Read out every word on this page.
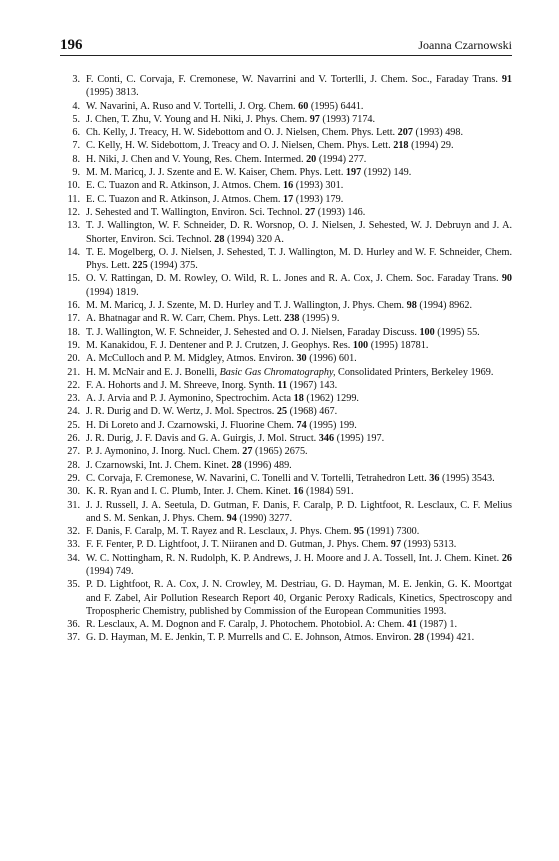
196	Joanna Czarnowski
3. F. Conti, C. Corvaja, F. Cremonese, W. Navarrini and V. Torterlli, J. Chem. Soc., Faraday Trans. 91 (1995) 3813.
4. W. Navarini, A. Ruso and V. Tortelli, J. Org. Chem. 60 (1995) 6441.
5. J. Chen, T. Zhu, V. Young and H. Niki, J. Phys. Chem. 97 (1993) 7174.
6. Ch. Kelly, J. Treacy, H. W. Sidebottom and O. J. Nielsen, Chem. Phys. Lett. 207 (1993) 498.
7. C. Kelly, H. W. Sidebottom, J. Treacy and O. J. Nielsen, Chem. Phys. Lett. 218 (1994) 29.
8. H. Niki, J. Chen and V. Young, Res. Chem. Intermed. 20 (1994) 277.
9. M. M. Maricq, J. J. Szente and E. W. Kaiser, Chem. Phys. Lett. 197 (1992) 149.
10. E. C. Tuazon and R. Atkinson, J. Atmos. Chem. 16 (1993) 301.
11. E. C. Tuazon and R. Atkinson, J. Atmos. Chem. 17 (1993) 179.
12. J. Sehested and T. Wallington, Environ. Sci. Technol. 27 (1993) 146.
13. T. J. Wallington, W. F. Schneider, D. R. Worsnop, O. J. Nielsen, J. Sehested, W. J. Debruyn and J. A. Shorter, Environ. Sci. Technol. 28 (1994) 320 A.
14. T. E. Mogelberg, O. J. Nielsen, J. Sehested, T. J. Wallington, M. D. Hurley and W. F. Schneider, Chem. Phys. Lett. 225 (1994) 375.
15. O. V. Rattingan, D. M. Rowley, O. Wild, R. L. Jones and R. A. Cox, J. Chem. Soc. Faraday Trans. 90 (1994) 1819.
16. M. M. Maricq, J. J. Szente, M. D. Hurley and T. J. Wallington, J. Phys. Chem. 98 (1994) 8962.
17. A. Bhatnagar and R. W. Carr, Chem. Phys. Lett. 238 (1995) 9.
18. T. J. Wallington, W. F. Schneider, J. Sehested and O. J. Nielsen, Faraday Discuss. 100 (1995) 55.
19. M. Kanakidou, F. J. Dentener and P. J. Crutzen, J. Geophys. Res. 100 (1995) 18781.
20. A. McCulloch and P. M. Midgley, Atmos. Environ. 30 (1996) 601.
21. H. M. McNair and E. J. Bonelli, Basic Gas Chromatography, Consolidated Printers, Berkeley 1969.
22. F. A. Hohorts and J. M. Shreeve, Inorg. Synth. 11 (1967) 143.
23. A. J. Arvia and P. J. Aymonino, Spectrochim. Acta 18 (1962) 1299.
24. J. R. Durig and D. W. Wertz, J. Mol. Spectros. 25 (1968) 467.
25. H. Di Loreto and J. Czarnowski, J. Fluorine Chem. 74 (1995) 199.
26. J. R. Durig, J. F. Davis and G. A. Guirgis, J. Mol. Struct. 346 (1995) 197.
27. P. J. Aymonino, J. Inorg. Nucl. Chem. 27 (1965) 2675.
28. J. Czarnowski, Int. J. Chem. Kinet. 28 (1996) 489.
29. C. Corvaja, F. Cremonese, W. Navarini, C. Tonelli and V. Tortelli, Tetrahedron Lett. 36 (1995) 3543.
30. K. R. Ryan and I. C. Plumb, Inter. J. Chem. Kinet. 16 (1984) 591.
31. J. J. Russell, J. A. Seetula, D. Gutman, F. Danis, F. Caralp, P. D. Lightfoot, R. Lesclaux, C. F. Melius and S. M. Senkan, J. Phys. Chem. 94 (1990) 3277.
32. F. Danis, F. Caralp, M. T. Rayez and R. Lesclaux, J. Phys. Chem. 95 (1991) 7300.
33. F. F. Fenter, P. D. Lightfoot, J. T. Niiranen and D. Gutman, J. Phys. Chem. 97 (1993) 5313.
34. W. C. Nottingham, R. N. Rudolph, K. P. Andrews, J. H. Moore and J. A. Tossell, Int. J. Chem. Kinet. 26 (1994) 749.
35. P. D. Lightfoot, R. A. Cox, J. N. Crowley, M. Destriau, G. D. Hayman, M. E. Jenkin, G. K. Moortgat and F. Zabel, Air Pollution Research Report 40, Organic Peroxy Radicals, Kinetics, Spectroscopy and Tropospheric Chemistry, published by Commission of the European Communities 1993.
36. R. Lesclaux, A. M. Dognon and F. Caralp, J. Photochem. Photobiol. A: Chem. 41 (1987) 1.
37. G. D. Hayman, M. E. Jenkin, T. P. Murrells and C. E. Johnson, Atmos. Environ. 28 (1994) 421.
